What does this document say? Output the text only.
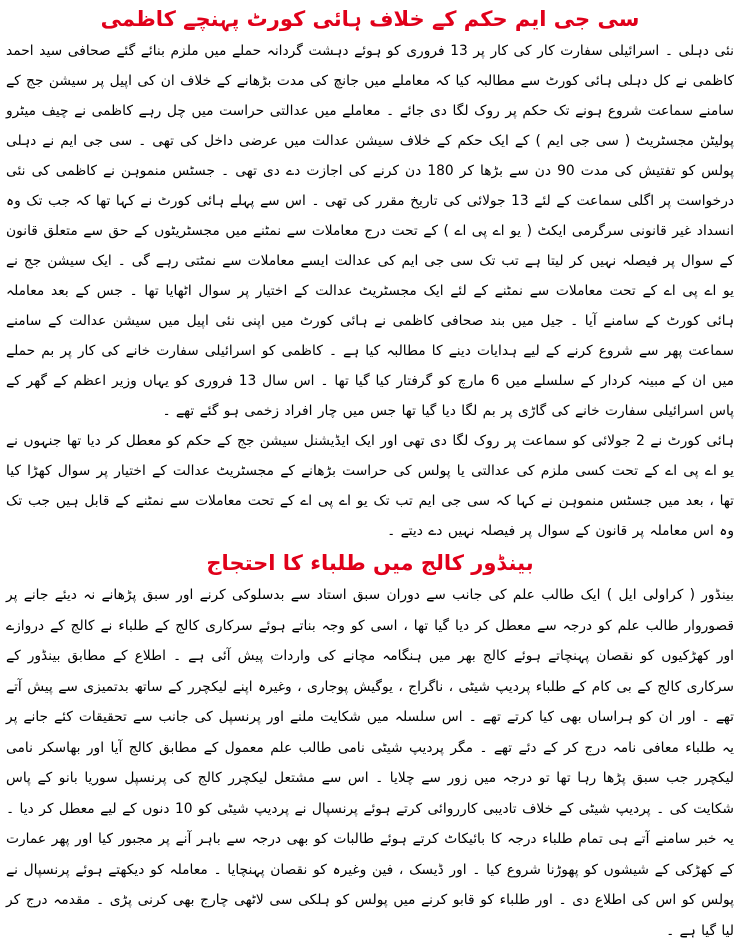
سی جی ایم حکم کے خلاف ہائی کورٹ پہنچے کاظمی

نئی دہلی ۔ اسرائیلی سفارت کار کی کار پر 13 فروری کو ہوئے دہشت گردانہ حملے میں ملزم بنائے گئے صحافی سید احمد کاظمی نے کل دہلی ہائی کورٹ سے مطالبہ کیا کہ معاملے میں جانچ کی مدت بڑھانے کے خلاف ان کی اپیل پر سیشن جج کے سامنے سماعت شروع ہونے تک حکم پر روک لگا دی جائے ۔ معاملے میں عدالتی حراست میں چل رہے کاظمی نے چیف میٹرو پولیٹن مجسٹریٹ ( سی جی ایم ) کے ایک حکم کے خلاف سیشن عدالت میں عرضی داخل کی تھی ۔ سی جی ایم نے دہلی پولس کو تفتیش کی مدت 90 دن سے بڑھا کر 180 دن کرنے کی اجازت دے دی تھی ۔ جسٹس منموہن نے کاظمی کی نئی درخواست پر اگلی سماعت کے لئے 13 جولائی کی تاریخ مقرر کی تھی ۔ اس سے پہلے ہائی کورٹ نے کہا تھا کہ جب تک وہ انسداد غیر قانونی سرگرمی ایکٹ ( یو اے پی اے ) کے تحت درج معاملات سے نمٹنے میں مجسٹریٹوں کے حق سے متعلق قانون کے سوال پر فیصلہ نہیں کر لیتا ہے تب تک سی جی ایم کی عدالت ایسے معاملات سے نمٹتی رہے گی ۔ ایک سیشن جج نے یو اے پی اے کے تحت معاملات سے نمٹنے کے لئے ایک مجسٹریٹ عدالت کے اختیار پر سوال اٹھایا تھا ۔ جس کے بعد معاملہ ہائی کورٹ کے سامنے آیا ۔ جیل میں بند صحافی کاظمی نے ہائی کورٹ میں اپنی نئی اپیل میں سیشن عدالت کے سامنے سماعت پھر سے شروع کرنے کے لیے ہدایات دینے کا مطالبہ کیا ہے ۔ کاظمی کو اسرائیلی سفارت خانے کی کار پر بم حملے میں ان کے مبینہ کردار کے سلسلے میں 6 مارچ کو گرفتار کیا گیا تھا ۔ اس سال 13 فروری کو یہاں وزیر اعظم کے گھر کے پاس اسرائیلی سفارت خانے کی گاڑی پر بم لگا دیا گیا تھا جس میں چار افراد زخمی ہو گئے تھے ۔

ہائی کورٹ نے 2 جولائی کو سماعت پر روک لگا دی تھی اور ایک ایڈیشنل سیشن جج کے حکم کو معطل کر دیا تھا جنہوں نے یو اے پی اے کے تحت کسی ملزم کی عدالتی یا پولس کی حراست بڑھانے کے مجسٹریٹ عدالت کے اختیار پر سوال کھڑا کیا تھا ، بعد میں جسٹس منموہن نے کہا کہ سی جی ایم تب تک یو اے پی اے کے تحت معاملات سے نمٹنے کے قابل ہیں جب تک وہ اس معاملہ پر قانون کے سوال پر فیصلہ نہیں دے دیتے ۔

بینڈور کالج میں طلباء کا احتجاج

بینڈور ( کراولی ایل ) ایک طالب علم کی جانب سے دوران سبق استاد سے بدسلوکی کرنے اور سبق پڑھانے نہ دیئے جانے پر قصوروار طالب علم کو درجہ سے معطل کر دیا گیا تھا ، اسی کو وجہ بناتے ہوئے سرکاری کالج کے طلباء نے کالج کے دروازے اور کھڑکیوں کو نقصان پہنچاتے ہوئے کالج بھر میں ہنگامہ مچانے کی واردات پیش آئی ہے ۔ اطلاع کے مطابق بینڈور کے سرکاری کالج کے بی کام کے طلباء پردیپ شیٹی ، ناگراج ، یوگیش پوجاری ، وغیرہ اپنے لیکچرر کے ساتھ بدتمیزی سے پیش آتے تھے ۔ اور ان کو ہراساں بھی کیا کرتے تھے ۔ اس سلسلہ میں شکایت ملنے اور پرنسپل کی جانب سے تحقیقات کئے جانے پر یہ طلباء معافی نامہ درج کر کے دئے تھے ۔ مگر پردیپ شیٹی نامی طالب علم معمول کے مطابق کالج آیا اور بھاسکر نامی لیکچرر جب سبق پڑھا رہا تھا تو درجہ میں زور سے چلایا ۔ اس سے مشتعل لیکچرر کالج کی پرنسپل سوریا بانو کے پاس شکایت کی ۔ پردیپ شیٹی کے خلاف تادیبی کارروائی کرتے ہوئے پرنسپال نے پردیپ شیٹی کو 10 دنوں کے لیے معطل کر دیا ۔ یہ خبر سامنے آتے ہی تمام طلباء درجہ کا بائیکاٹ کرتے ہوئے طالبات کو بھی درجہ سے باہر آنے پر مجبور کیا اور پھر عمارت کے کھڑکی کے شیشوں کو پھوڑنا شروع کیا ۔ اور ڈیسک ، فین وغیرہ کو نقصان پہنچایا ۔ معاملہ کو دیکھتے ہوئے پرنسپال نے پولس کو اس کی اطلاع دی ۔ اور طلباء کو قابو کرنے میں پولس کو ہلکی سی لاٹھی چارج بھی کرنی پڑی ۔ مقدمہ درج کر لیا گیا ہے ۔
